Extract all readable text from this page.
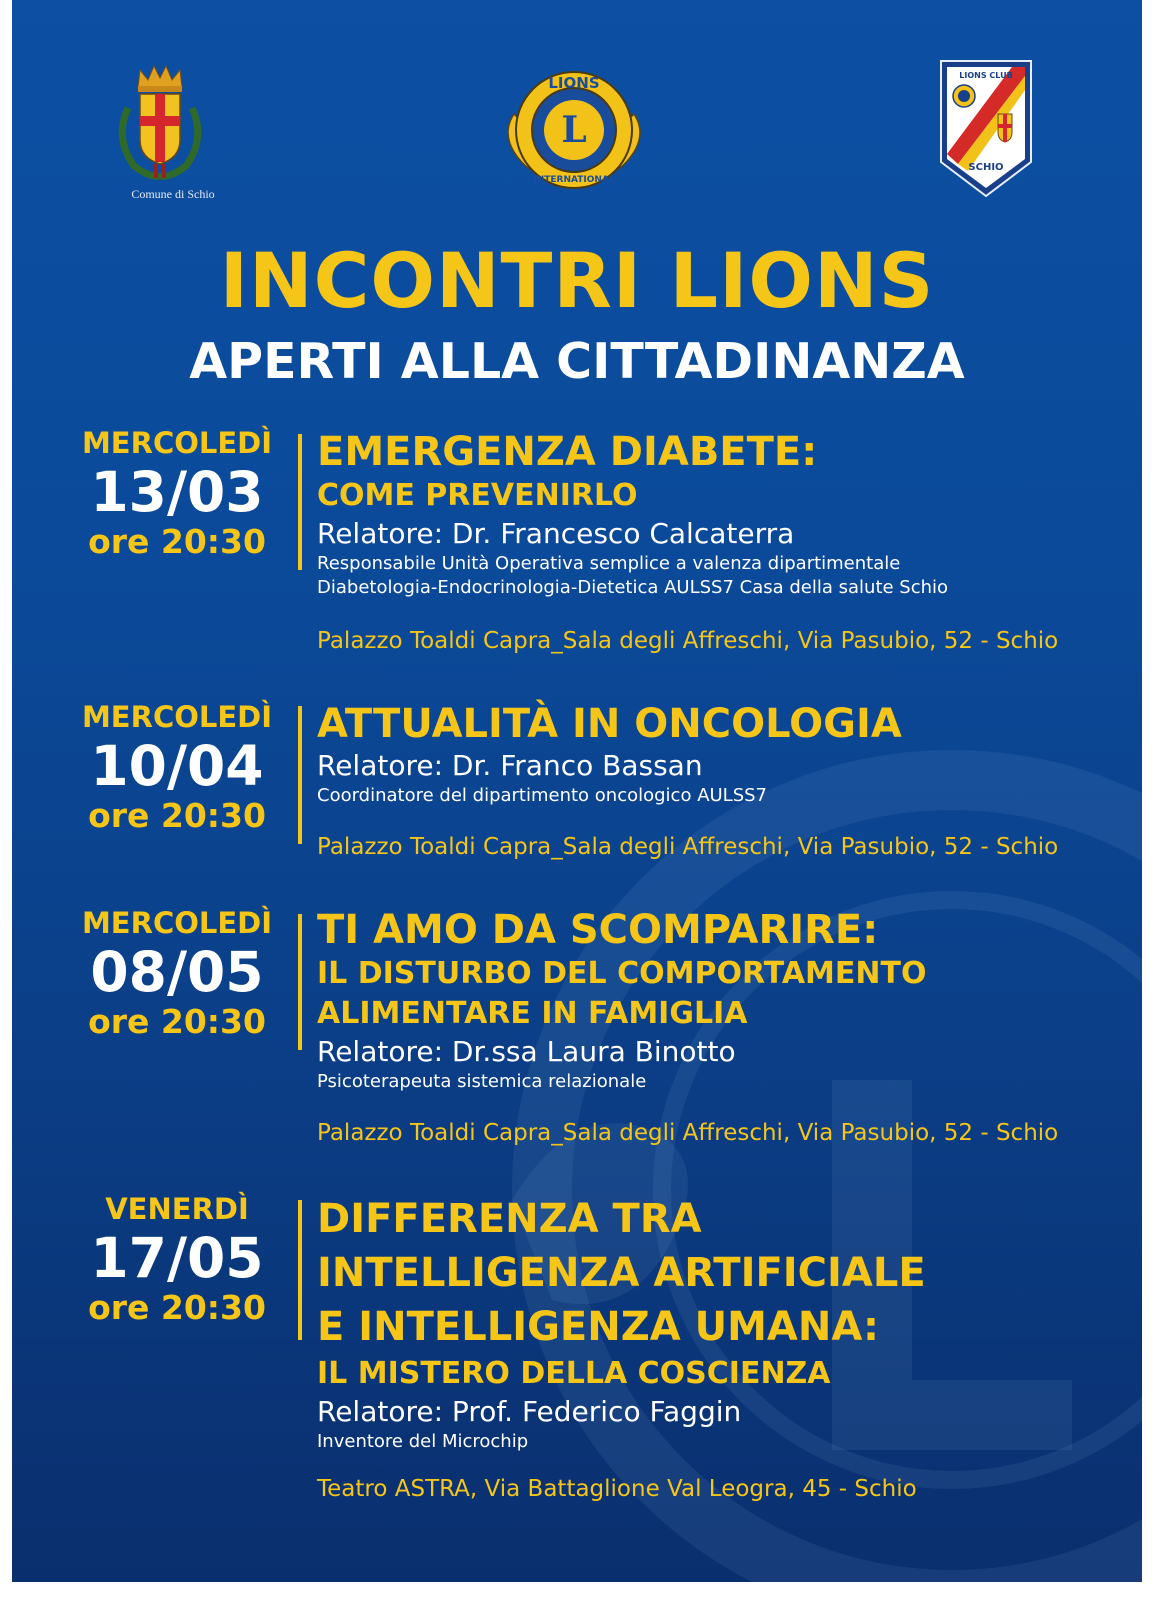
Comune di Schio
L
LIONS
INTERNATIONAL
LIONS CLUB
SCHIO
INCONTRI LIONS
APERTI ALLA CITTADINANZA
MERCOLEDÌ
13/03
ore 20:30
EMERGENZA DIABETE:
COME PREVENIRLO
Relatore: Dr. Francesco Calcaterra
Responsabile Unità Operativa semplice a valenza dipartimentale
Diabetologia-Endocrinologia-Dietetica AULSS7 Casa della salute Schio
Palazzo Toaldi Capra_Sala degli Affreschi, Via Pasubio, 52 - Schio
MERCOLEDÌ
10/04
ore 20:30
ATTUALITÀ IN ONCOLOGIA
Relatore: Dr. Franco Bassan
Coordinatore del dipartimento oncologico AULSS7
Palazzo Toaldi Capra_Sala degli Affreschi, Via Pasubio, 52 - Schio
MERCOLEDÌ
08/05
ore 20:30
TI AMO DA SCOMPARIRE:
IL DISTURBO DEL COMPORTAMENTO
ALIMENTARE IN FAMIGLIA
Relatore: Dr.ssa Laura Binotto
Psicoterapeuta sistemica relazionale
Palazzo Toaldi Capra_Sala degli Affreschi, Via Pasubio, 52 - Schio
VENERDÌ
17/05
ore 20:30
DIFFERENZA TRA
INTELLIGENZA ARTIFICIALE
E INTELLIGENZA UMANA:
IL MISTERO DELLA COSCIENZA
Relatore: Prof. Federico Faggin
Inventore del Microchip
Teatro ASTRA, Via Battaglione Val Leogra, 45 - Schio
